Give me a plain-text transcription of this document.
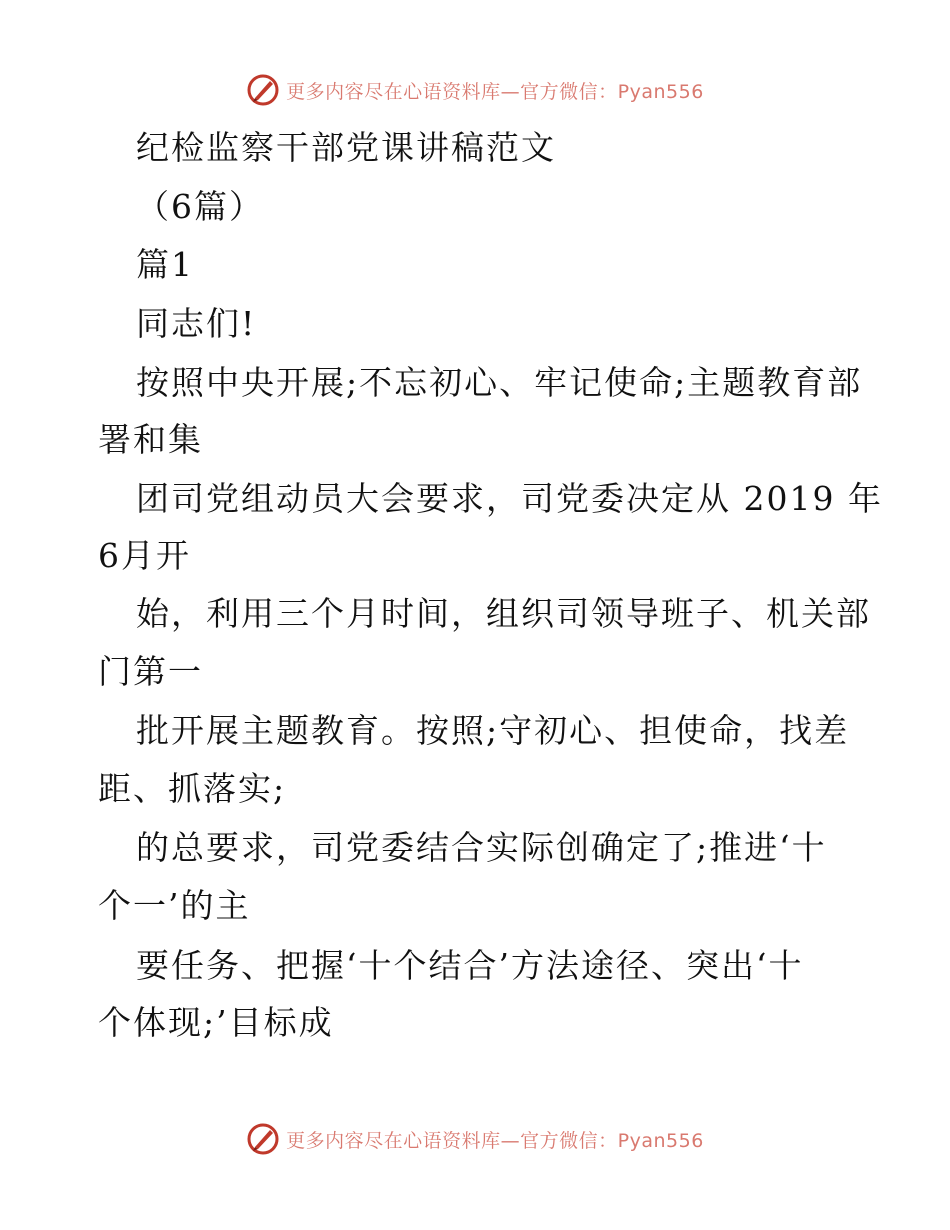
更多内容尽在心语资料库—官方微信：Pyan556
纪检监察干部党课讲稿范文
（6篇）
篇1
同志们!
按照中央开展;不忘初心、牢记使命;主题教育部
署和集
团司党组动员大会要求，司党委决定从 2019 年
6月开
始，利用三个月时间，组织司领导班子、机关部
门第一
批开展主题教育。按照;守初心、担使命，找差
距、抓落实;
的总要求，司党委结合实际创确定了;推进‘十
个一’的主
要任务、把握‘十个结合’方法途径、突出‘十
个体现;’目标成
更多内容尽在心语资料库—官方微信：Pyan556
